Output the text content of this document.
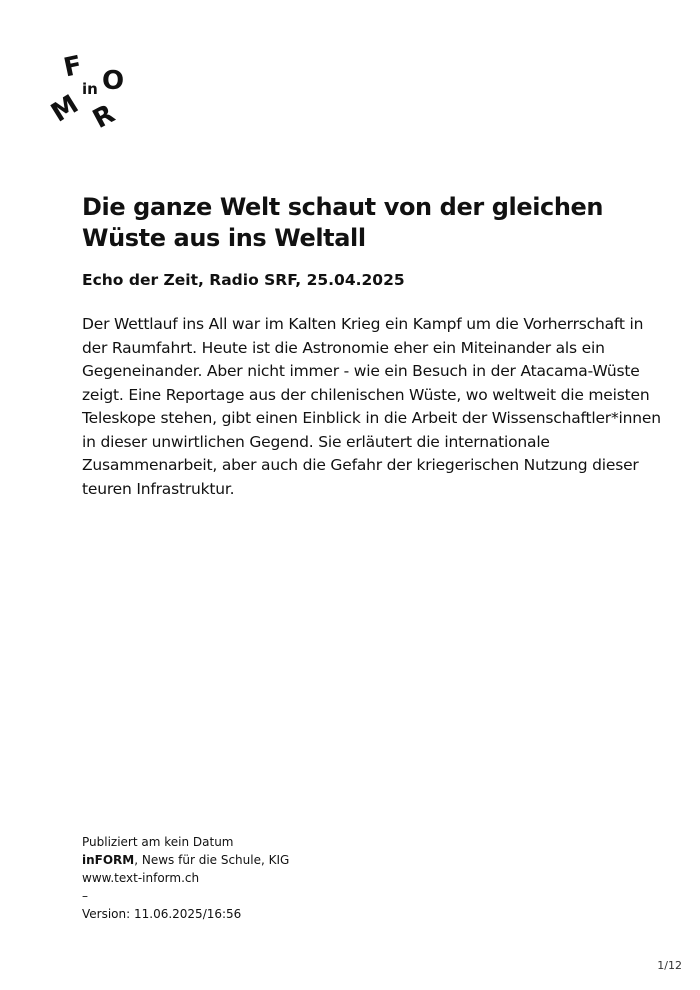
F O
in
M R
Die ganze Welt schaut von der gleichen Wüste aus ins Weltall

Echo der Zeit, Radio SRF, 25.04.2025

Der Wettlauf ins All war im Kalten Krieg ein Kampf um die Vorherrschaft in der Raumfahrt. Heute ist die Astronomie eher ein Miteinander als ein Gegeneinander. Aber nicht immer - wie ein Besuch in der Atacama-Wüste zeigt. Eine Reportage aus der chilenischen Wüste, wo weltweit die meisten Teleskope stehen, gibt einen Einblick in die Arbeit der Wissenschaftler*innen in dieser unwirtlichen Gegend. Sie erläutert die internationale Zusammenarbeit, aber auch die Gefahr der kriegerischen Nutzung dieser teuren Infrastruktur.

Publiziert am kein Datum
inFORM, News für die Schule, KIG
www.text-inform.ch
–
Version: 11.06.2025/16:56
1/12
